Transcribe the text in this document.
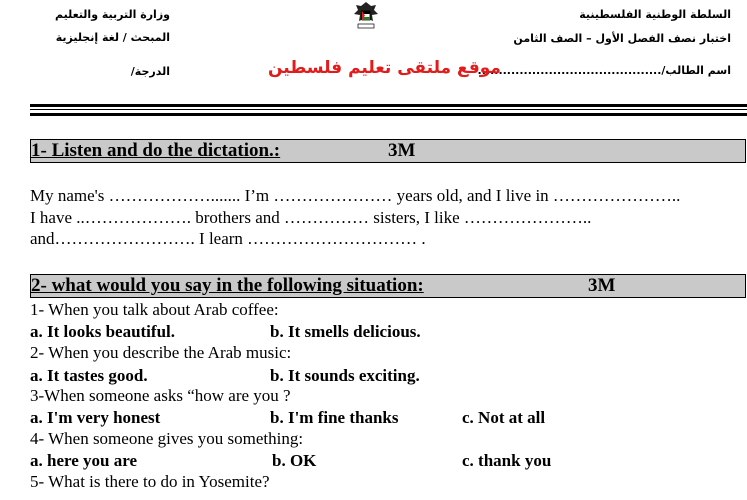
السلطة الوطنية الفلسطينية
اختبار نصف الفصل الأول – الصف الثامن
اسم الطالب/............................................
وزارة التربية والتعليم
المبحث / لغة إنجليزية
الدرجة/	موقع ملتقى تعليم فلسطين
1- Listen and do the dictation.:	3M
My name's ………………....... I’m ………………… years old, and I live in …………………..
I have ..………………. brothers and …………… sisters, I like …………………..
and……………………. I learn ………………………… .
2- what would you say in the following situation:	3M
1- When you talk about Arab coffee:
a. It looks beautiful.	b. It smells delicious.
2- When you describe the Arab music:
a. It tastes good.	b. It sounds exciting.
3-When someone asks “how are you ?
a. I'm very honest	b. I'm fine thanks	c. Not at all
4- When someone gives you something:
a. here you are	b. OK	c. thank you
5- What is there to do in Yosemite?
